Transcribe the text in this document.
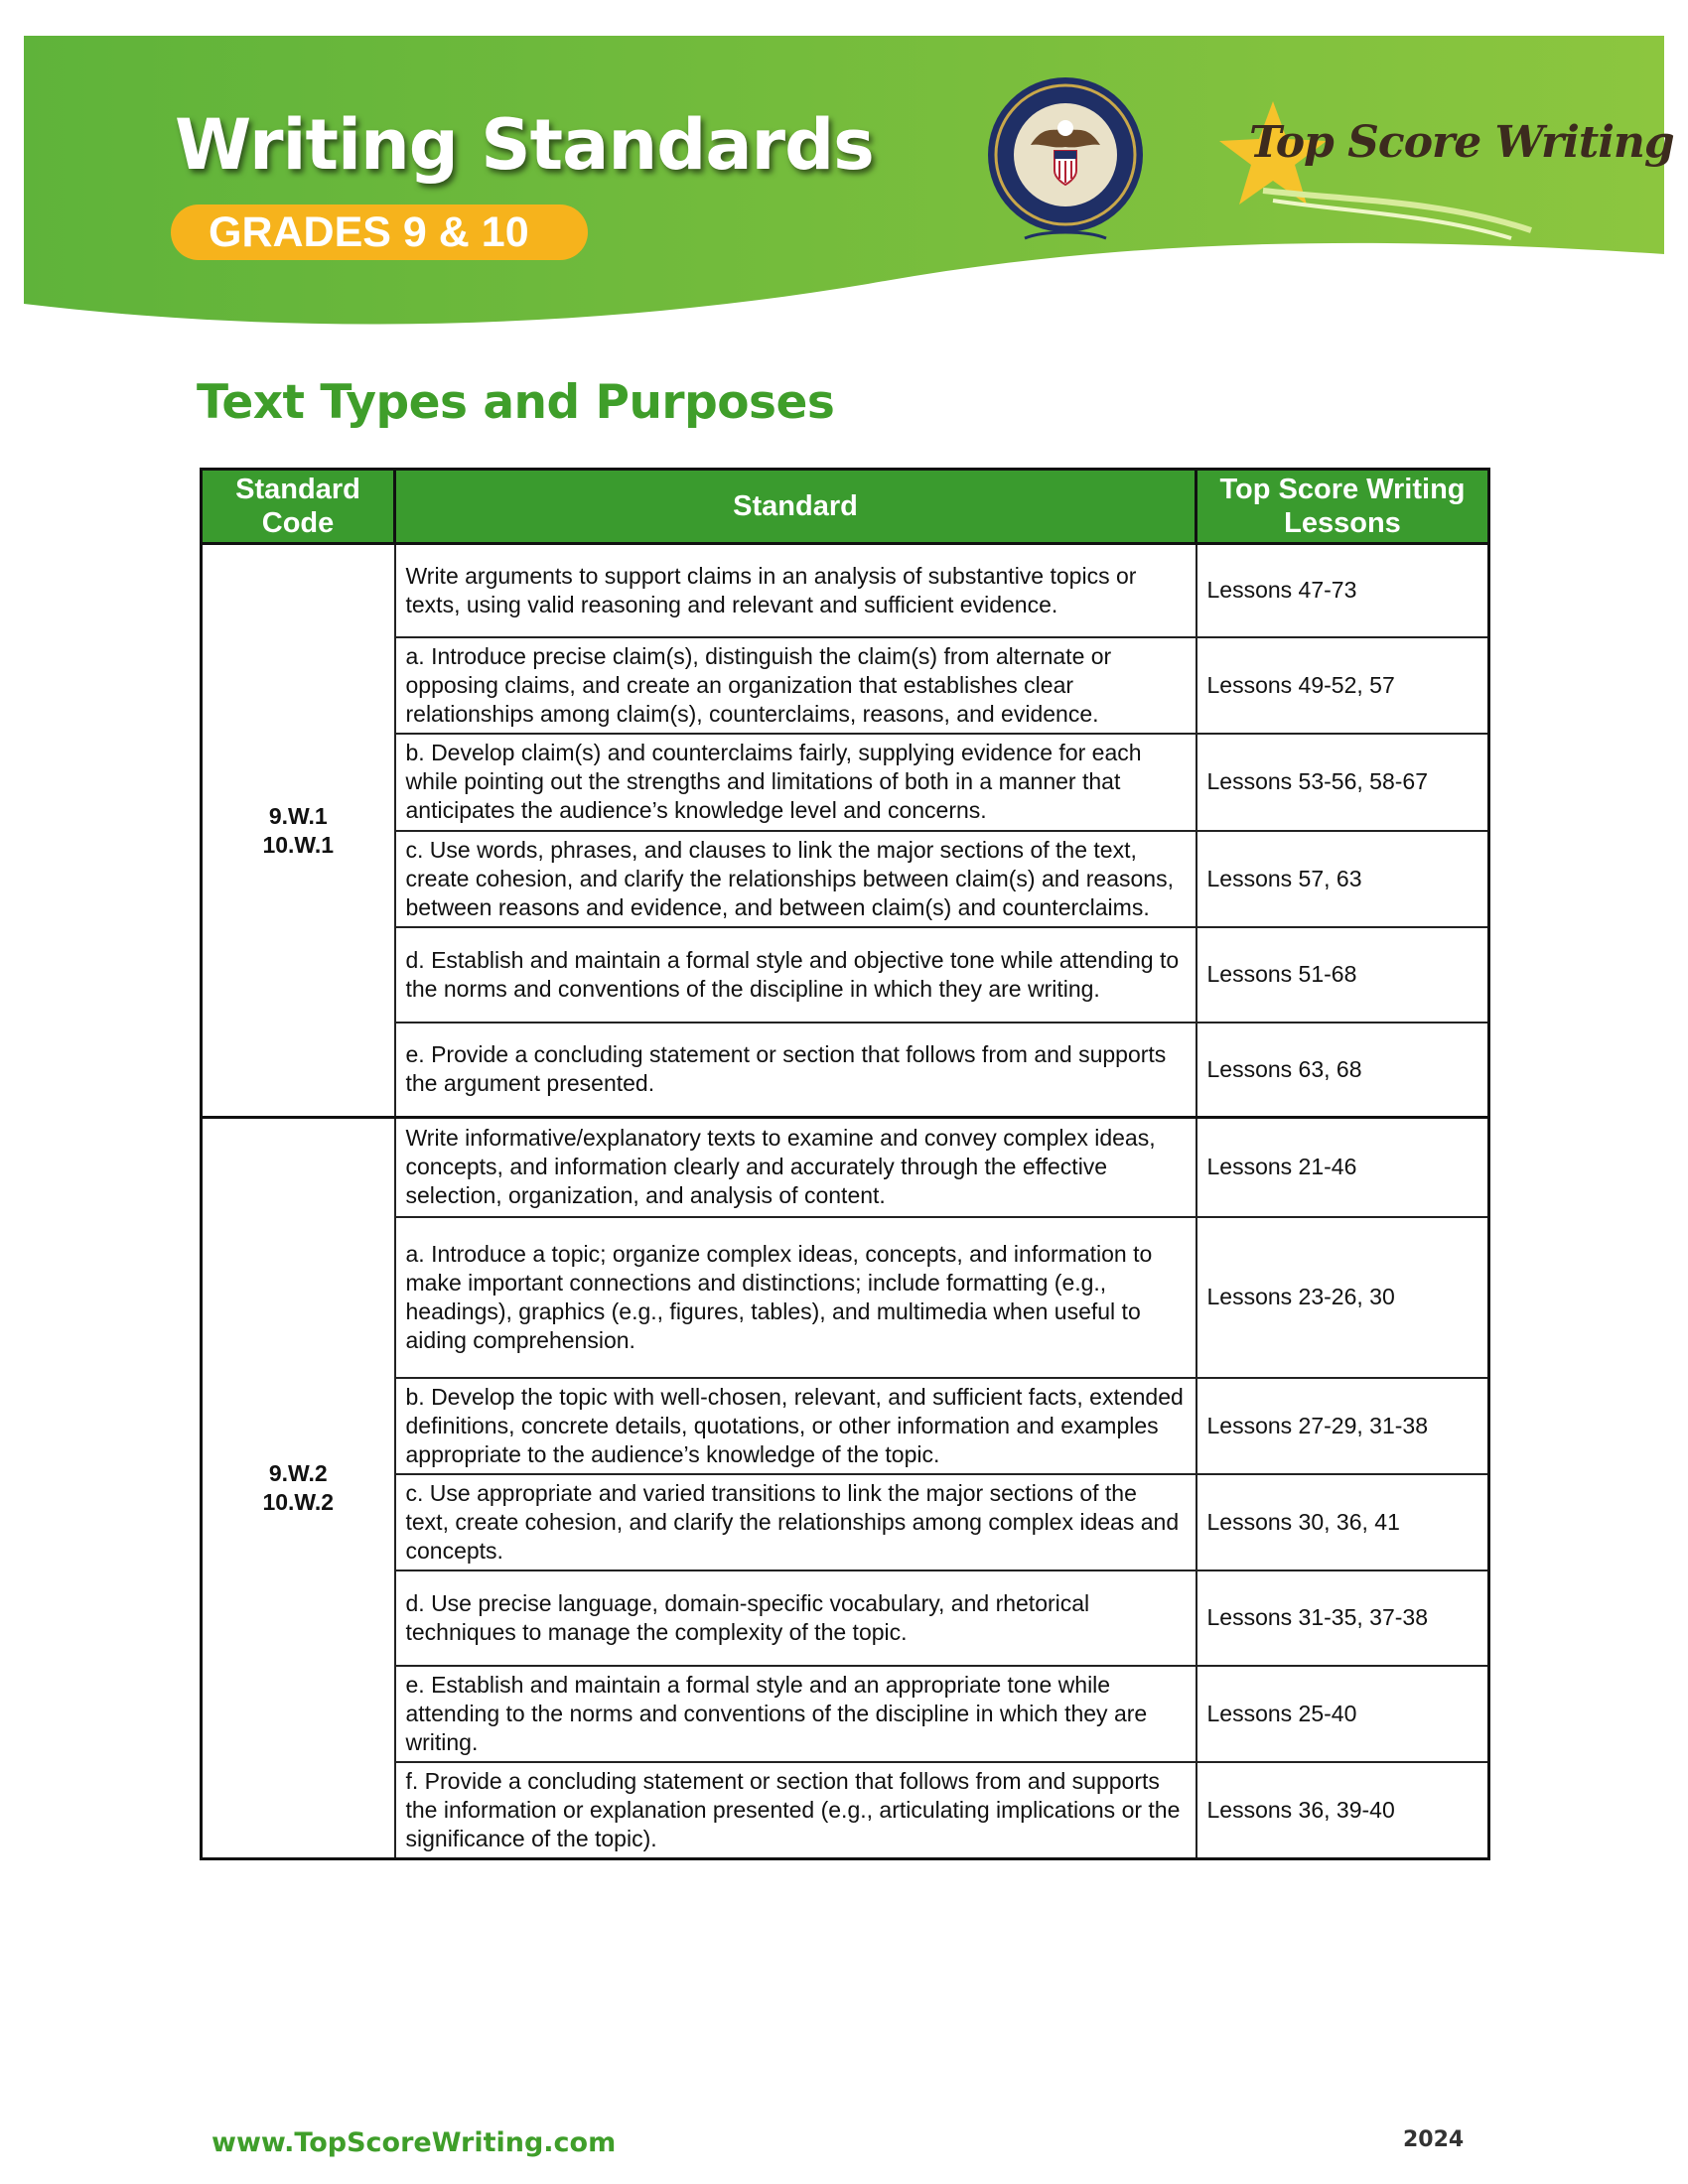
Writing Standards
GRADES 9 & 10
Top Score Writing
Text Types and Purposes
Standard Code	Standard	Top Score Writing Lessons

9.W.1
10.W.1	Write arguments to support claims in an analysis of substantive topics or texts, using valid reasoning and relevant and sufficient evidence.	Lessons 47-73
	a. Introduce precise claim(s), distinguish the claim(s) from alternate or opposing claims, and create an organization that establishes clear relationships among claim(s), counterclaims, reasons, and evidence.	Lessons 49-52, 57
	b. Develop claim(s) and counterclaims fairly, supplying evidence for each while pointing out the strengths and limitations of both in a manner that anticipates the audience’s knowledge level and concerns.	Lessons 53-56, 58-67
	c. Use words, phrases, and clauses to link the major sections of the text, create cohesion, and clarify the relationships between claim(s) and reasons, between reasons and evidence, and between claim(s) and counterclaims.	Lessons 57, 63
	d. Establish and maintain a formal style and objective tone while attending to the norms and conventions of the discipline in which they are writing.	Lessons 51-68
	e. Provide a concluding statement or section that follows from and supports the argument presented.	Lessons 63, 68

9.W.2
10.W.2	Write informative/explanatory texts to examine and convey complex ideas, concepts, and information clearly and accurately through the effective selection, organization, and analysis of content.	Lessons 21-46
	a. Introduce a topic; organize complex ideas, concepts, and information to make important connections and distinctions; include formatting (e.g., headings), graphics (e.g., figures, tables), and multimedia when useful to aiding comprehension.	Lessons 23-26, 30
	b. Develop the topic with well‐chosen, relevant, and sufficient facts, extended definitions, concrete details, quotations, or other information and examples appropriate to the audience’s knowledge of the topic.	Lessons 27-29, 31-38
	c. Use appropriate and varied transitions to link the major sections of the text, create cohesion, and clarify the relationships among complex ideas and concepts.	Lessons 30, 36, 41
	d. Use precise language, domain-specific vocabulary, and rhetorical techniques to manage the complexity of the topic.	Lessons 31-35, 37-38
	e. Establish and maintain a formal style and an appropriate tone while attending to the norms and conventions of the discipline in which they are writing.	Lessons 25-40
	f. Provide a concluding statement or section that follows from and supports the information or explanation presented (e.g., articulating implications or the significance of the topic).	Lessons 36, 39-40
www.TopScoreWriting.com	2024
